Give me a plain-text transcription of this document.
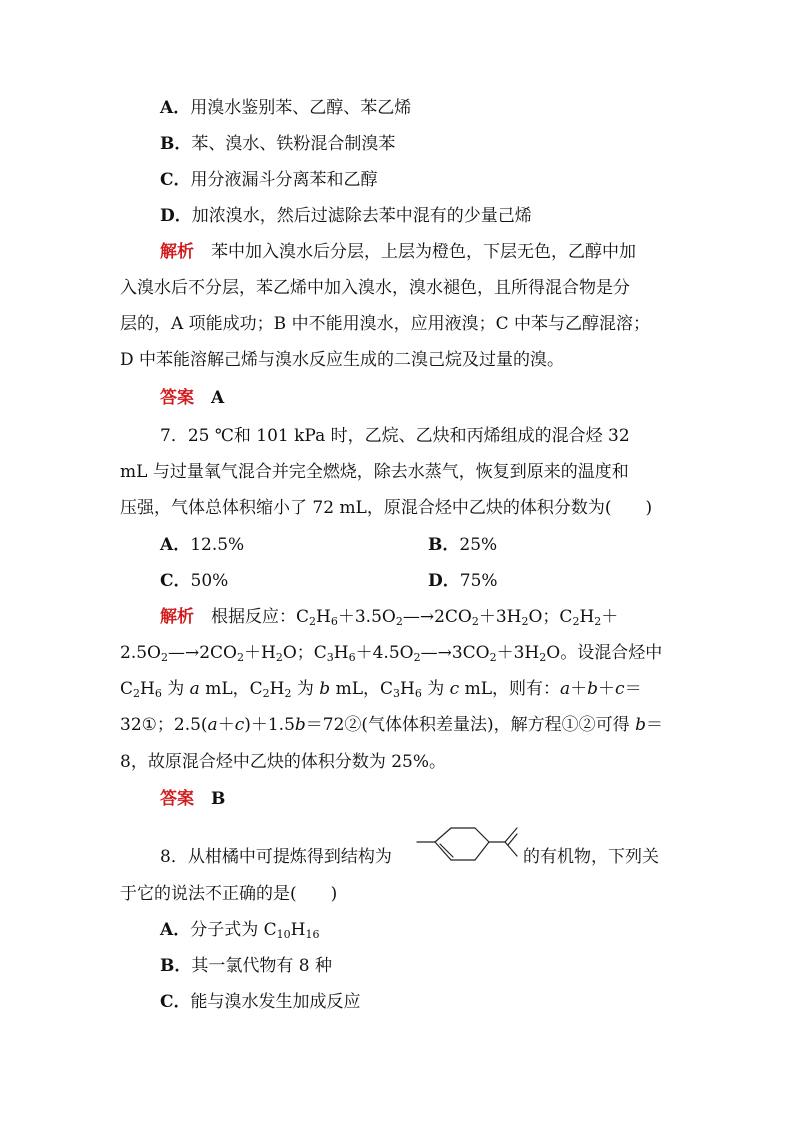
A．用溴水鉴别苯、乙醇、苯乙烯
B．苯、溴水、铁粉混合制溴苯
C．用分液漏斗分离苯和乙醇
D．加浓溴水，然后过滤除去苯中混有的少量己烯
解析　 苯中加入溴水后分层，上层为橙色，下层无色，乙醇中加
入溴水后不分层，苯乙烯中加入溴水，溴水褪色，且所得混合物是分
层的，A 项能成功；B 中不能用溴水，应用液溴；C 中苯与乙醇混溶；
D 中苯能溶解己烯与溴水反应生成的二溴己烷及过量的溴。
答案　 A
7．25 ℃和 101 kPa 时，乙烷、乙炔和丙烯组成的混合烃 32
mL 与过量氧气混合并完全燃烧，除去水蒸气，恢复到原来的温度和
压强，气体总体积缩小了 72 mL，原混合烃中乙炔的体积分数为(　　)
A．12.5%	B．25%
C．50%	D．75%
解析　 根据反应：$C_2H_6+3.5O_2—\to 2CO_2+3H_2O$；$C_2H_2+$
$2.5O_2—\to 2CO_2+H_2O$；$C_3H_6+4.5O_2—\to 3CO_2+3H_2O$。设混合烃中
$C_2H_6$ 为 a mL，$C_2H_2$ 为 b mL，$C_3H_6$ 为 c mL，则有：a＋b＋c＝
32①；2.5(a＋c)＋1.5b＝72②(气体体积差量法)，解方程①②可得 b＝
8，故原混合烃中乙炔的体积分数为 25%。
答案　 B
8．从柑橘中可提炼得到结构为	的有机物，下列关
于它的说法不正确的是(　　)
A．分子式为 $C_{10}H_{16}$
B．其一氯代物有 8 种
C．能与溴水发生加成反应
